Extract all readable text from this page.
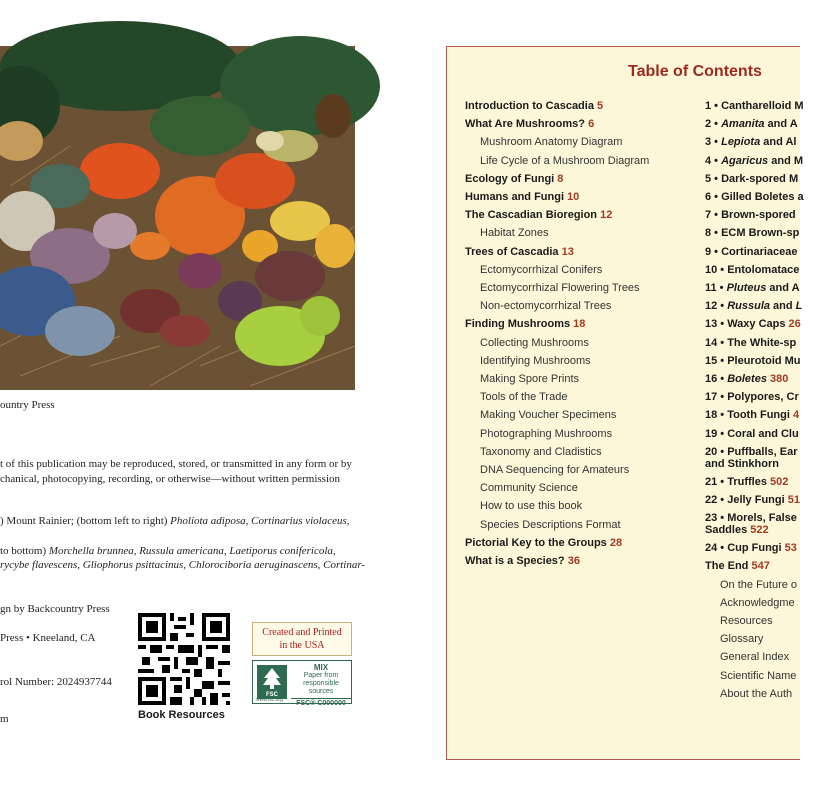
ountry Press
t of this publication may be reproduced, stored, or transmitted in any form or by
chanical, photocopying, recording, or otherwise—without written permission
) Mount Rainier; (bottom left to right) Pholiota adiposa, Cortinarius violaceus,
to bottom) Morchella brunnea, Russula americana, Laetiporus conifericola,
rycybe flavescens, Gliophorus psittacinus, Chlorociboria aeruginascens, Cortinar-
gn by Backcountry Press
Press • Kneeland, CA
rol Number: 2024937744
m	Book Resources
Created and Printed
in the USA
FSC
MIX
Paper from
responsible sources
FSC® C000000
www.fsc.org
Table of Contents
Introduction to Cascadia 5
What Are Mushrooms? 6
Mushroom Anatomy Diagram
Life Cycle of a Mushroom Diagram
Ecology of Fungi 8
Humans and Fungi 10
The Cascadian Bioregion 12
Habitat Zones
Trees of Cascadia 13
Ectomycorrhizal Conifers
Ectomycorrhizal Flowering Trees
Non-ectomycorrhizal Trees
Finding Mushrooms 18
Collecting Mushrooms
Identifying Mushrooms
Making Spore Prints
Tools of the Trade
Making Voucher Specimens
Photographing Mushrooms
Taxonomy and Cladistics
DNA Sequencing for Amateurs
Community Science
How to use this book
Species Descriptions Format
Pictorial Key to the Groups 28
What is a Species? 36
1 • Cantharelloid M
2 • Amanita and A
3 • Lepiota and Al
4 • Agaricus and M
5 • Dark-spored M
6 • Gilled Boletes a
7 • Brown-spored
8 • ECM Brown-sp
9 • Cortinariaceae
10 • Entolomatace
11 • Pluteus and A
12 • Russula and L
13 • Waxy Caps 26
14 • The White-sp
15 • Pleurotoid Mu
16 • Boletes 380
17 • Polypores, Cr
18 • Tooth Fungi 4
19 • Coral and Clu
20 • Puffballs, Ear
and Stinkhorn
21 • Truffles 502
22 • Jelly Fungi 51
23 • Morels, False
Saddles 522
24 • Cup Fungi 53
The End 547
On the Future o
Acknowledgme
Resources
Glossary
General Index
Scientific Name
About the Auth
